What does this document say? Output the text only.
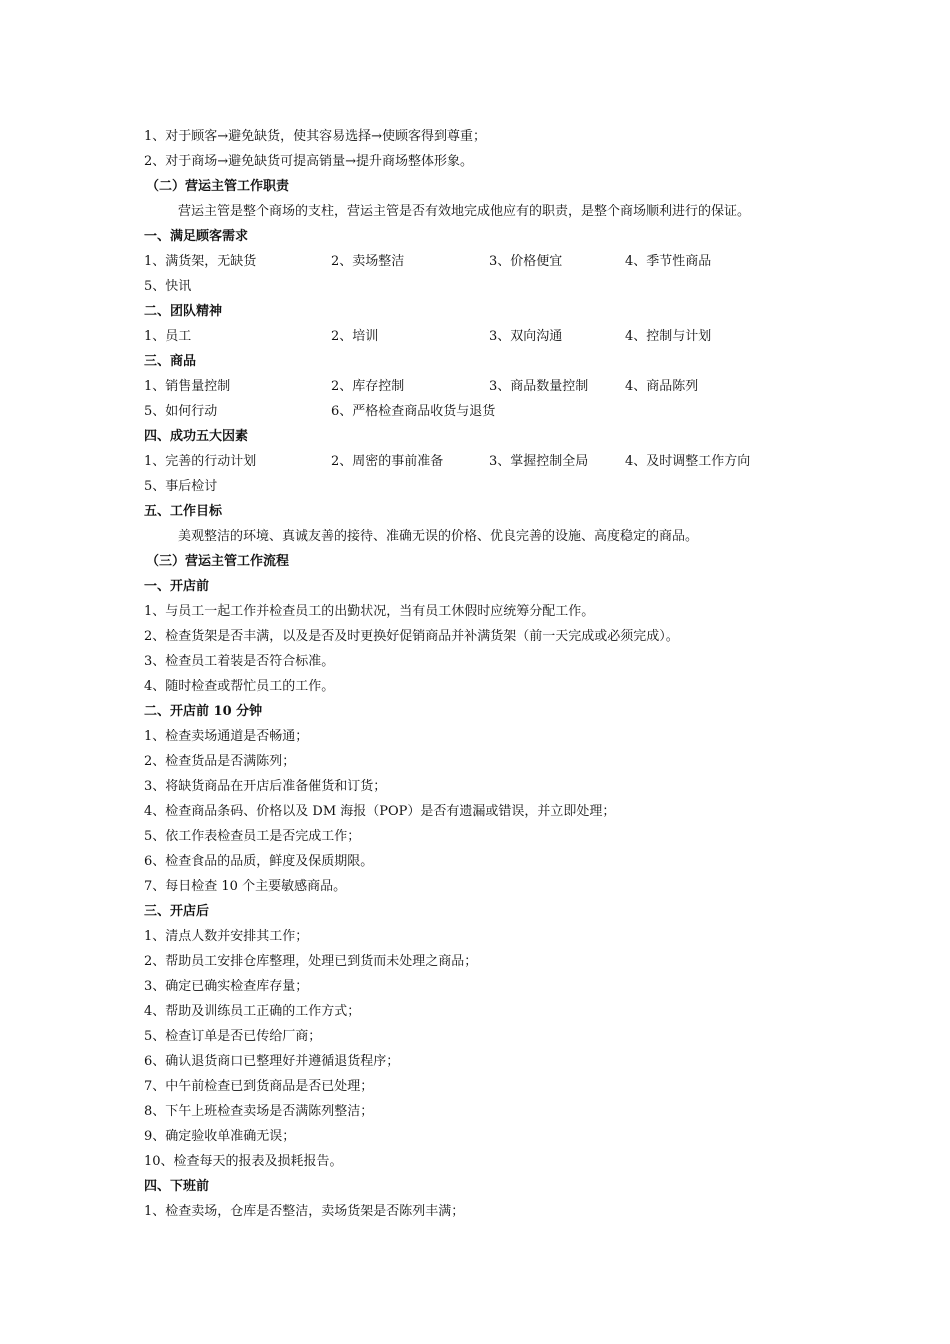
1、对于顾客→避免缺货，使其容易选择→使顾客得到尊重；
2、对于商场→避免缺货可提高销量→提升商场整体形象。
（二）营运主管工作职责
营运主管是整个商场的支柱，营运主管是否有效地完成他应有的职责，是整个商场顺利进行的保证。
一、满足顾客需求
1、满货架，无缺货	2、卖场整洁	3、价格便宜	4、季节性商品
5、快讯
二、团队精神
1、员工	2、培训	3、双向沟通	4、控制与计划
三、商品
1、销售量控制	2、库存控制	3、商品数量控制	4、商品陈列
5、如何行动	6、严格检查商品收货与退货
四、成功五大因素
1、完善的行动计划	2、周密的事前准备	3、掌握控制全局	4、及时调整工作方向
5、事后检讨
五、工作目标
美观整洁的环境、真诚友善的接待、准确无误的价格、优良完善的设施、高度稳定的商品。
（三）营运主管工作流程
一、开店前
1、与员工一起工作并检查员工的出勤状况，当有员工休假时应统筹分配工作。
2、检查货架是否丰满，以及是否及时更换好促销商品并补满货架（前一天完成或必须完成）。
3、检查员工着装是否符合标准。
4、随时检查或帮忙员工的工作。
二、开店前 10 分钟
1、检查卖场通道是否畅通；
2、检查货品是否满陈列；
3、将缺货商品在开店后准备催货和订货；
4、检查商品条码、价格以及 DM 海报（POP）是否有遗漏或错误，并立即处理；
5、依工作表检查员工是否完成工作；
6、检查食品的品质，鲜度及保质期限。
7、每日检查 10 个主要敏感商品。
三、开店后
1、清点人数并安排其工作；
2、帮助员工安排仓库整理，处理已到货而未处理之商品；
3、确定已确实检查库存量；
4、帮助及训练员工正确的工作方式；
5、检查订单是否已传给厂商；
6、确认退货商口已整理好并遵循退货程序；
7、中午前检查已到货商品是否已处理；
8、下午上班检查卖场是否满陈列整洁；
9、确定验收单准确无误；
10、检查每天的报表及损耗报告。
四、下班前
1、检查卖场，仓库是否整洁，卖场货架是否陈列丰满；
